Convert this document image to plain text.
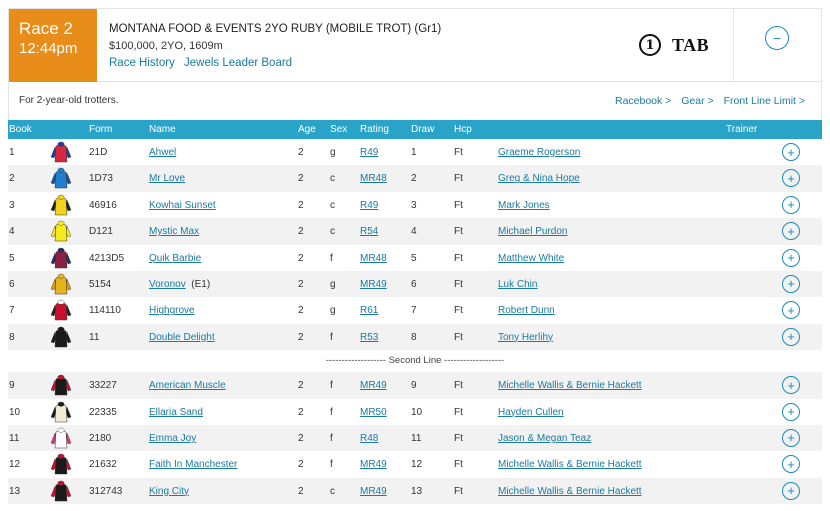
Race 2
12:44pm
MONTANA FOOD & EVENTS 2YO RUBY (MOBILE TROT) (Gr1)
$100,000, 2YO, 1609m
Race History Jewels Leader Board
1 TAB	−
For 2-year-old trotters.	Racebook > Gear > Front Line Limit >
Book	Form	Name	Age Sex Rating Draw Hcp	Trainer
1	21D	Ahwel	2	g R49	1	Ft	Graeme Rogerson	+
2	1D73	Mr Love	2	c	MR48 2	Ft	Greg & Nina Hope	+
3	46916	Kowhai Sunset	2	c	R49	3	Ft	Mark Jones	+
4	D121	Mystic Max	2	c	R54	4	Ft	Michael Purdon	+
5	4213D5 Quik Barbie	2	f	MR48 5	Ft	Matthew White	+
6	5154	Voronov (E1)	2	g MR49 6	Ft	Luk Chin	+
7	114110	Highgrove	2	g R61	7	Ft	Robert Dunn	+
8	11	Double Delight	2	f	R53	8	Ft	Tony Herlihy	+
------------------- Second Line -------------------
9	33227	American Muscle	2	f	MR49 9	Ft	Michelle Wallis & Bernie Hackett	+
10	22335	Ellaria Sand	2	f	MR50 10	Ft	Hayden Cullen	+
11	2180	Emma Joy	2	f	R48	11	Ft	Jason & Megan Teaz	+
12	21632	Faith In Manchester	2	f	MR49 12	Ft	Michelle Wallis & Bernie Hackett	+
13	312743	King City	2	c	MR49 13	Ft	Michelle Wallis & Bernie Hackett	+
